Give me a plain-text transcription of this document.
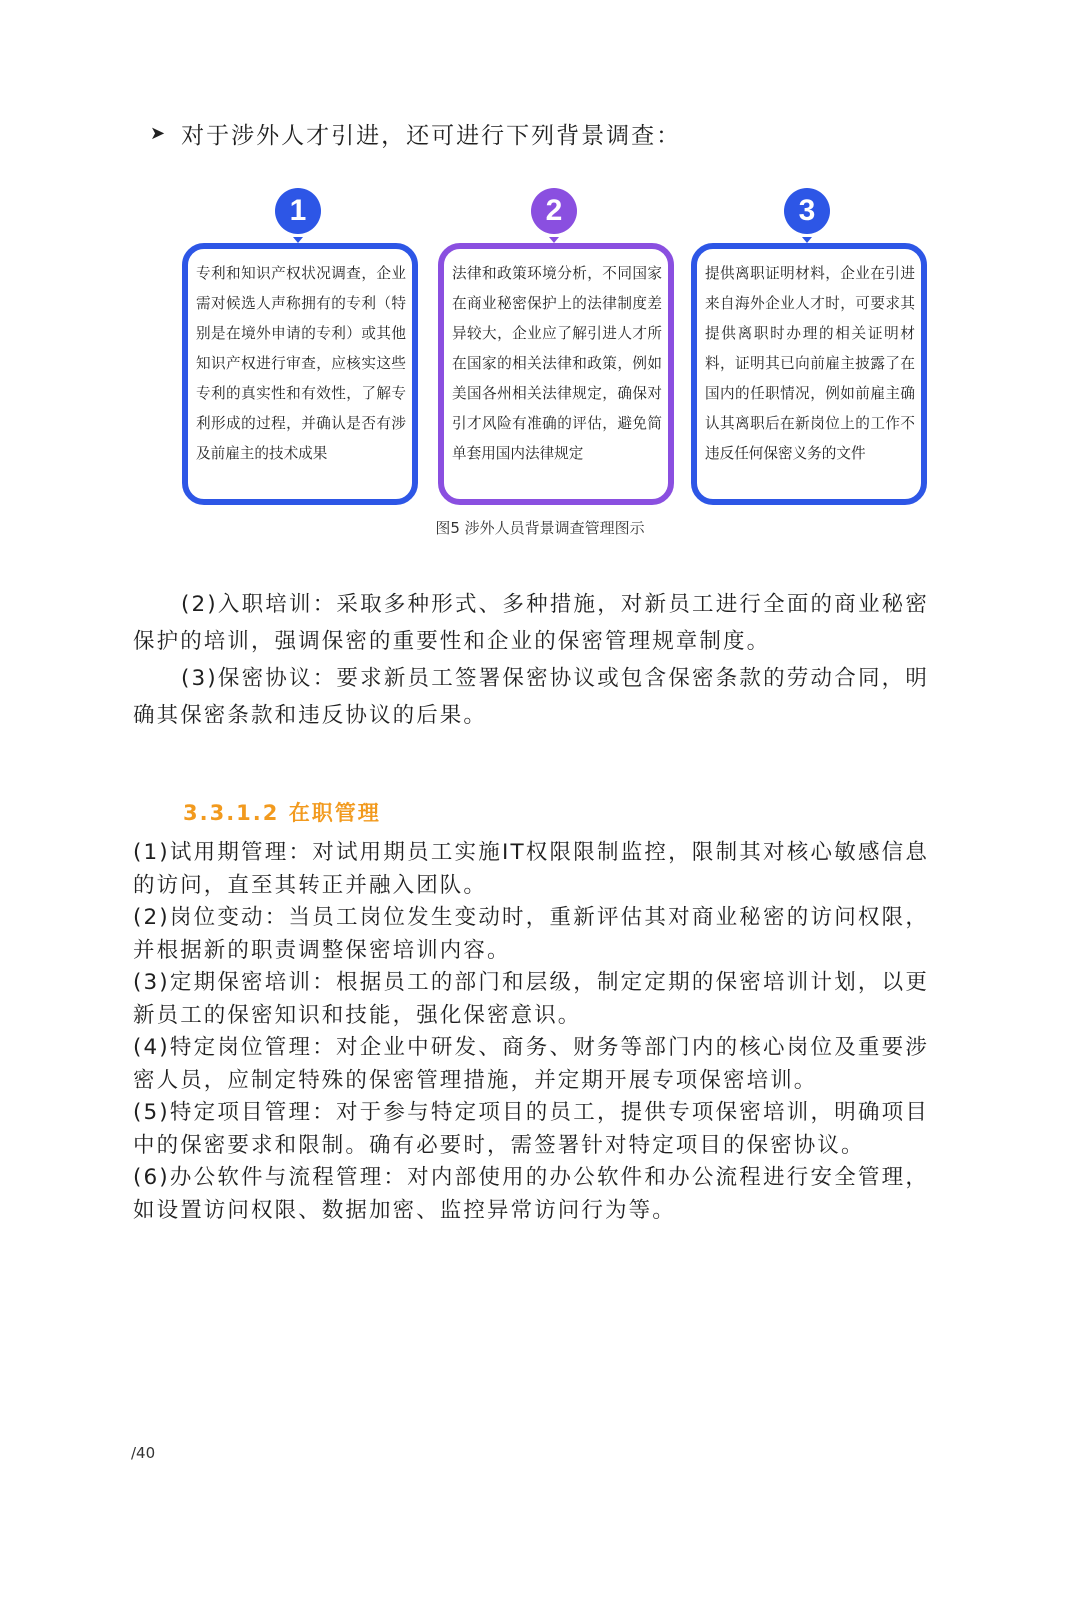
➤ 对于涉外人才引进，还可进行下列背景调查：
1
专利和知识产权状况调查，企业需对候选人声称拥有的专利（特别是在境外申请的专利）或其他知识产权进行审查，应核实这些专利的真实性和有效性，了解专利形成的过程，并确认是否有涉及前雇主的技术成果
2
法律和政策环境分析，不同国家在商业秘密保护上的法律制度差异较大，企业应了解引进人才所在国家的相关法律和政策，例如美国各州相关法律规定，确保对引才风险有准确的评估，避免简单套用国内法律规定
3
提供离职证明材料，企业在引进来自海外企业人才时，可要求其提供离职时办理的相关证明材料，证明其已向前雇主披露了在国内的任职情况，例如前雇主确认其离职后在新岗位上的工作不违反任何保密义务的文件
图5 涉外人员背景调查管理图示

(2)入职培训：采取多种形式、多种措施，对新员工进行全面的商业秘密保护的培训，强调保密的重要性和企业的保密管理规章制度。

(3)保密协议：要求新员工签署保密协议或包含保密条款的劳动合同，明确其保密条款和违反协议的后果。

3.3.1.2 在职管理

(1)试用期管理：对试用期员工实施IT权限限制监控，限制其对核心敏感信息的访问，直至其转正并融入团队。

(2)岗位变动：当员工岗位发生变动时，重新评估其对商业秘密的访问权限，并根据新的职责调整保密培训内容。

(3)定期保密培训：根据员工的部门和层级，制定定期的保密培训计划，以更新员工的保密知识和技能，强化保密意识。

(4)特定岗位管理：对企业中研发、商务、财务等部门内的核心岗位及重要涉密人员，应制定特殊的保密管理措施，并定期开展专项保密培训。

(5)特定项目管理：对于参与特定项目的员工，提供专项保密培训，明确项目中的保密要求和限制。确有必要时，需签署针对特定项目的保密协议。

(6)办公软件与流程管理：对内部使用的办公软件和办公流程进行安全管理，如设置访问权限、数据加密、监控异常访问行为等。

/40
